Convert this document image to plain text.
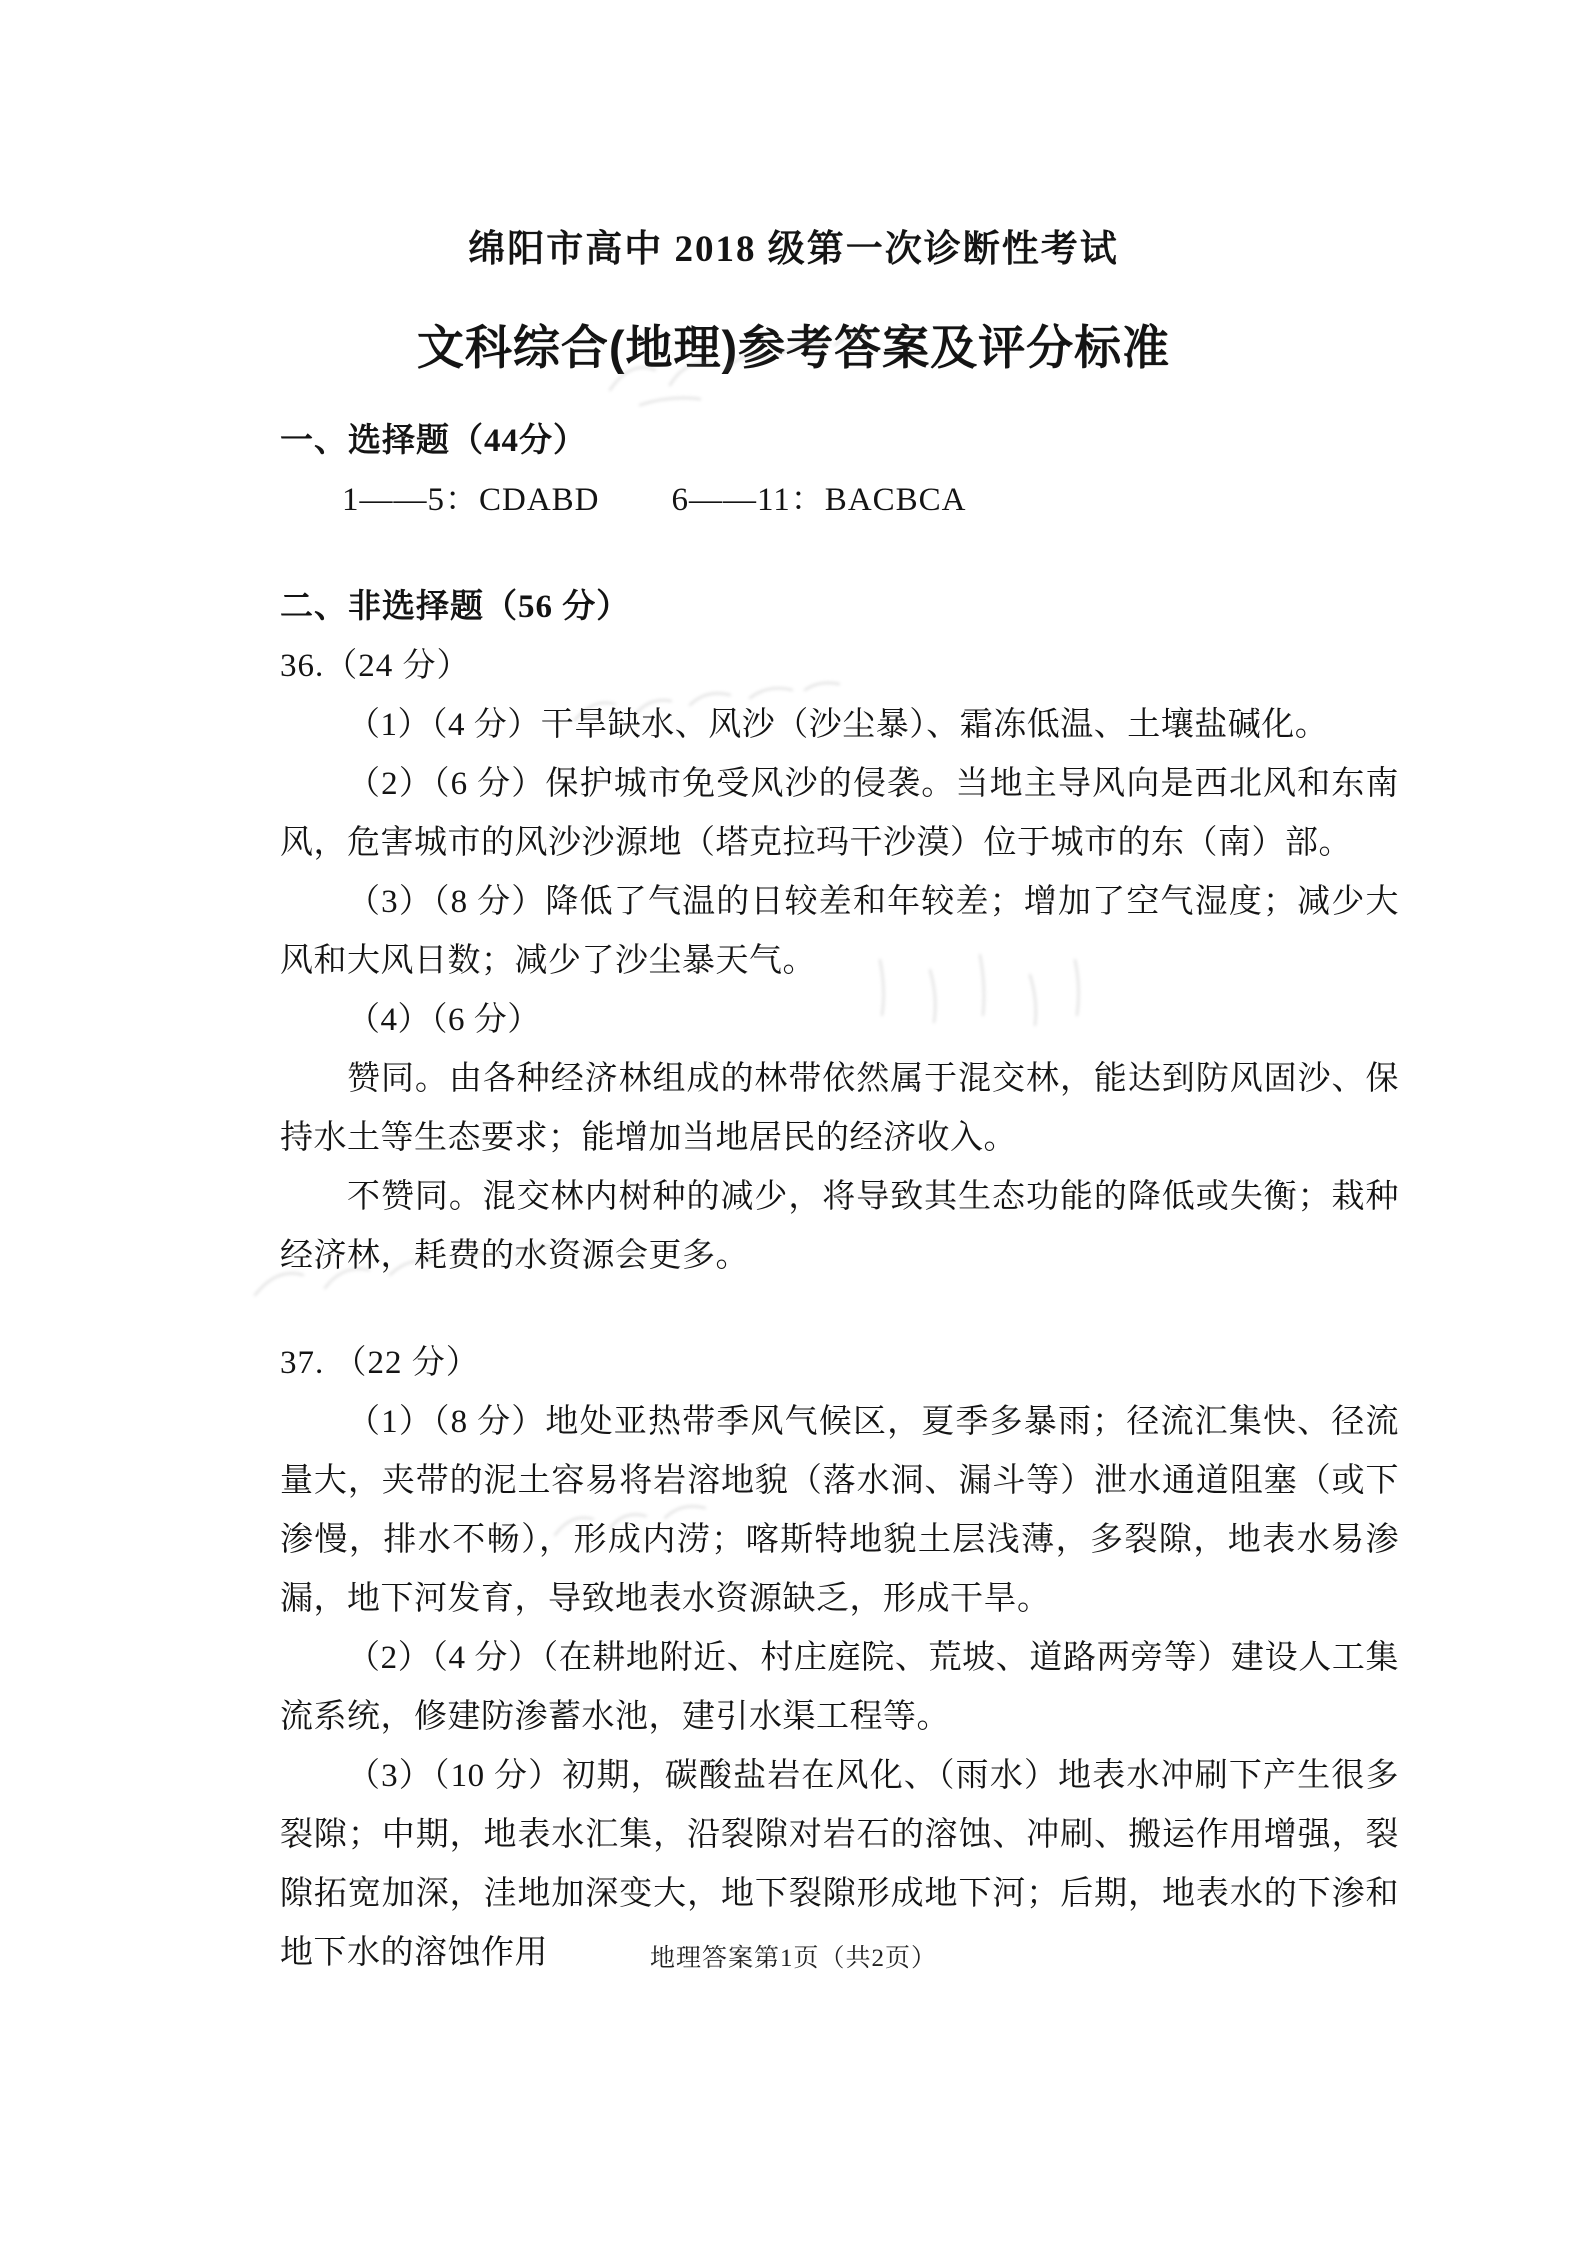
绵阳市高中 2018 级第一次诊断性考试
文科综合(地理)参考答案及评分标准
一、选择题（44分）
1——5：CDABD 6——11：BACBCA
二、非选择题（56 分）
36.（24 分）
（1）（4 分）干旱缺水、风沙（沙尘暴）、霜冻低温、土壤盐碱化。
（2）（6 分）保护城市免受风沙的侵袭。当地主导风向是西北风和东南风，危害城市的风沙沙源地（塔克拉玛干沙漠）位于城市的东（南）部。
（3）（8 分）降低了气温的日较差和年较差；增加了空气湿度；减少大风和大风日数；减少了沙尘暴天气。
（4）（6 分）
赞同。由各种经济林组成的林带依然属于混交林，能达到防风固沙、保持水土等生态要求；能增加当地居民的经济收入。
不赞同。混交林内树种的减少，将导致其生态功能的降低或失衡；栽种经济林，耗费的水资源会更多。
37. （22 分）
（1）（8 分）地处亚热带季风气候区，夏季多暴雨；径流汇集快、径流量大，夹带的泥土容易将岩溶地貌（落水洞、漏斗等）泄水通道阻塞（或下渗慢，排水不畅），形成内涝；喀斯特地貌土层浅薄，多裂隙，地表水易渗漏，地下河发育，导致地表水资源缺乏，形成干旱。
（2）（4 分）（在耕地附近、村庄庭院、荒坡、道路两旁等）建设人工集流系统，修建防渗蓄水池，建引水渠工程等。
（3）（10 分）初期，碳酸盐岩在风化、（雨水）地表水冲刷下产生很多裂隙；中期，地表水汇集，沿裂隙对岩石的溶蚀、冲刷、搬运作用增强，裂隙拓宽加深，洼地加深变大，地下裂隙形成地下河；后期，地表水的下渗和地下水的溶蚀作用	地理答案第1页（共2页）
